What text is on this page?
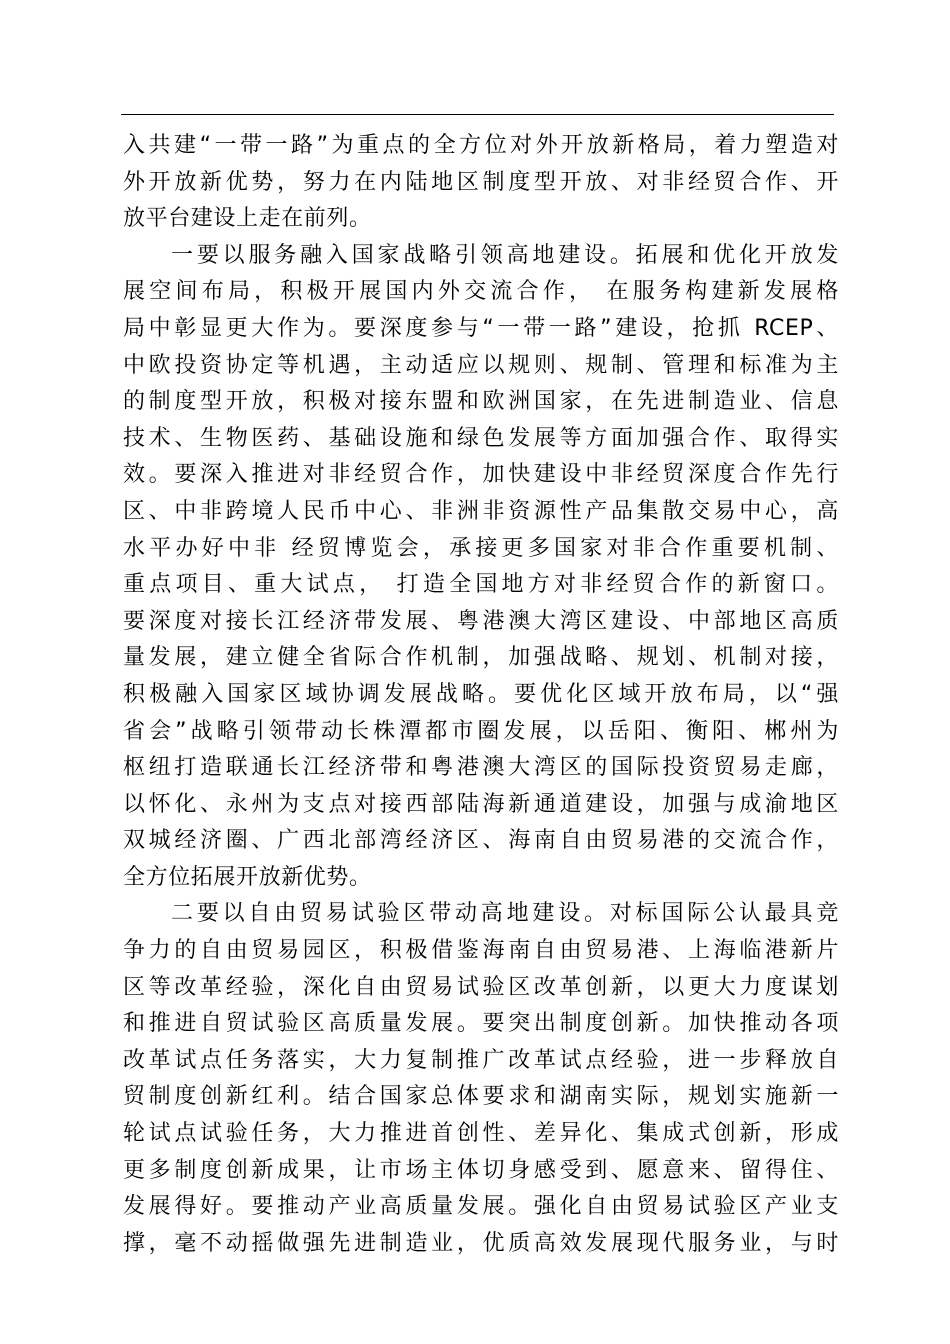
入共建“一带一路”为重点的全方位对外开放新格局，着力塑造对
外开放新优势，努力在内陆地区制度型开放、对非经贸合作、开
放平台建设上走在前列。
一要以服务融入国家战略引领高地建设。拓展和优化开放发
展空间布局，积极开展国内外交流合作， 在服务构建新发展格
局中彰显更大作为。要深度参与“一带一路”建设，抢抓 RCEP、
中欧投资协定等机遇，主动适应以规则、规制、管理和标准为主
的制度型开放，积极对接东盟和欧洲国家，在先进制造业、信息
技术、生物医药、基础设施和绿色发展等方面加强合作、取得实
效。要深入推进对非经贸合作，加快建设中非经贸深度合作先行
区、中非跨境人民币中心、非洲非资源性产品集散交易中心，高
水平办好中非 经贸博览会，承接更多国家对非合作重要机制、
重点项目、重大试点， 打造全国地方对非经贸合作的新窗口。
要深度对接长江经济带发展、粤港澳大湾区建设、中部地区高质
量发展，建立健全省际合作机制，加强战略、规划、机制对接，
积极融入国家区域协调发展战略。要优化区域开放布局，以“强
省会”战略引领带动长株潭都市圈发展，以岳阳、衡阳、郴州为
枢纽打造联通长江经济带和粤港澳大湾区的国际投资贸易走廊，
以怀化、永州为支点对接西部陆海新通道建设，加强与成渝地区
双城经济圈、广西北部湾经济区、海南自由贸易港的交流合作，
全方位拓展开放新优势。
二要以自由贸易试验区带动高地建设。对标国际公认最具竞
争力的自由贸易园区，积极借鉴海南自由贸易港、上海临港新片
区等改革经验，深化自由贸易试验区改革创新，以更大力度谋划
和推进自贸试验区高质量发展。要突出制度创新。加快推动各项
改革试点任务落实，大力复制推广改革试点经验，进一步释放自
贸制度创新红利。结合国家总体要求和湖南实际，规划实施新一
轮试点试验任务，大力推进首创性、差异化、集成式创新，形成
更多制度创新成果，让市场主体切身感受到、愿意来、留得住、
发展得好。要推动产业高质量发展。强化自由贸易试验区产业支
撑，毫不动摇做强先进制造业，优质高效发展现代服务业，与时
